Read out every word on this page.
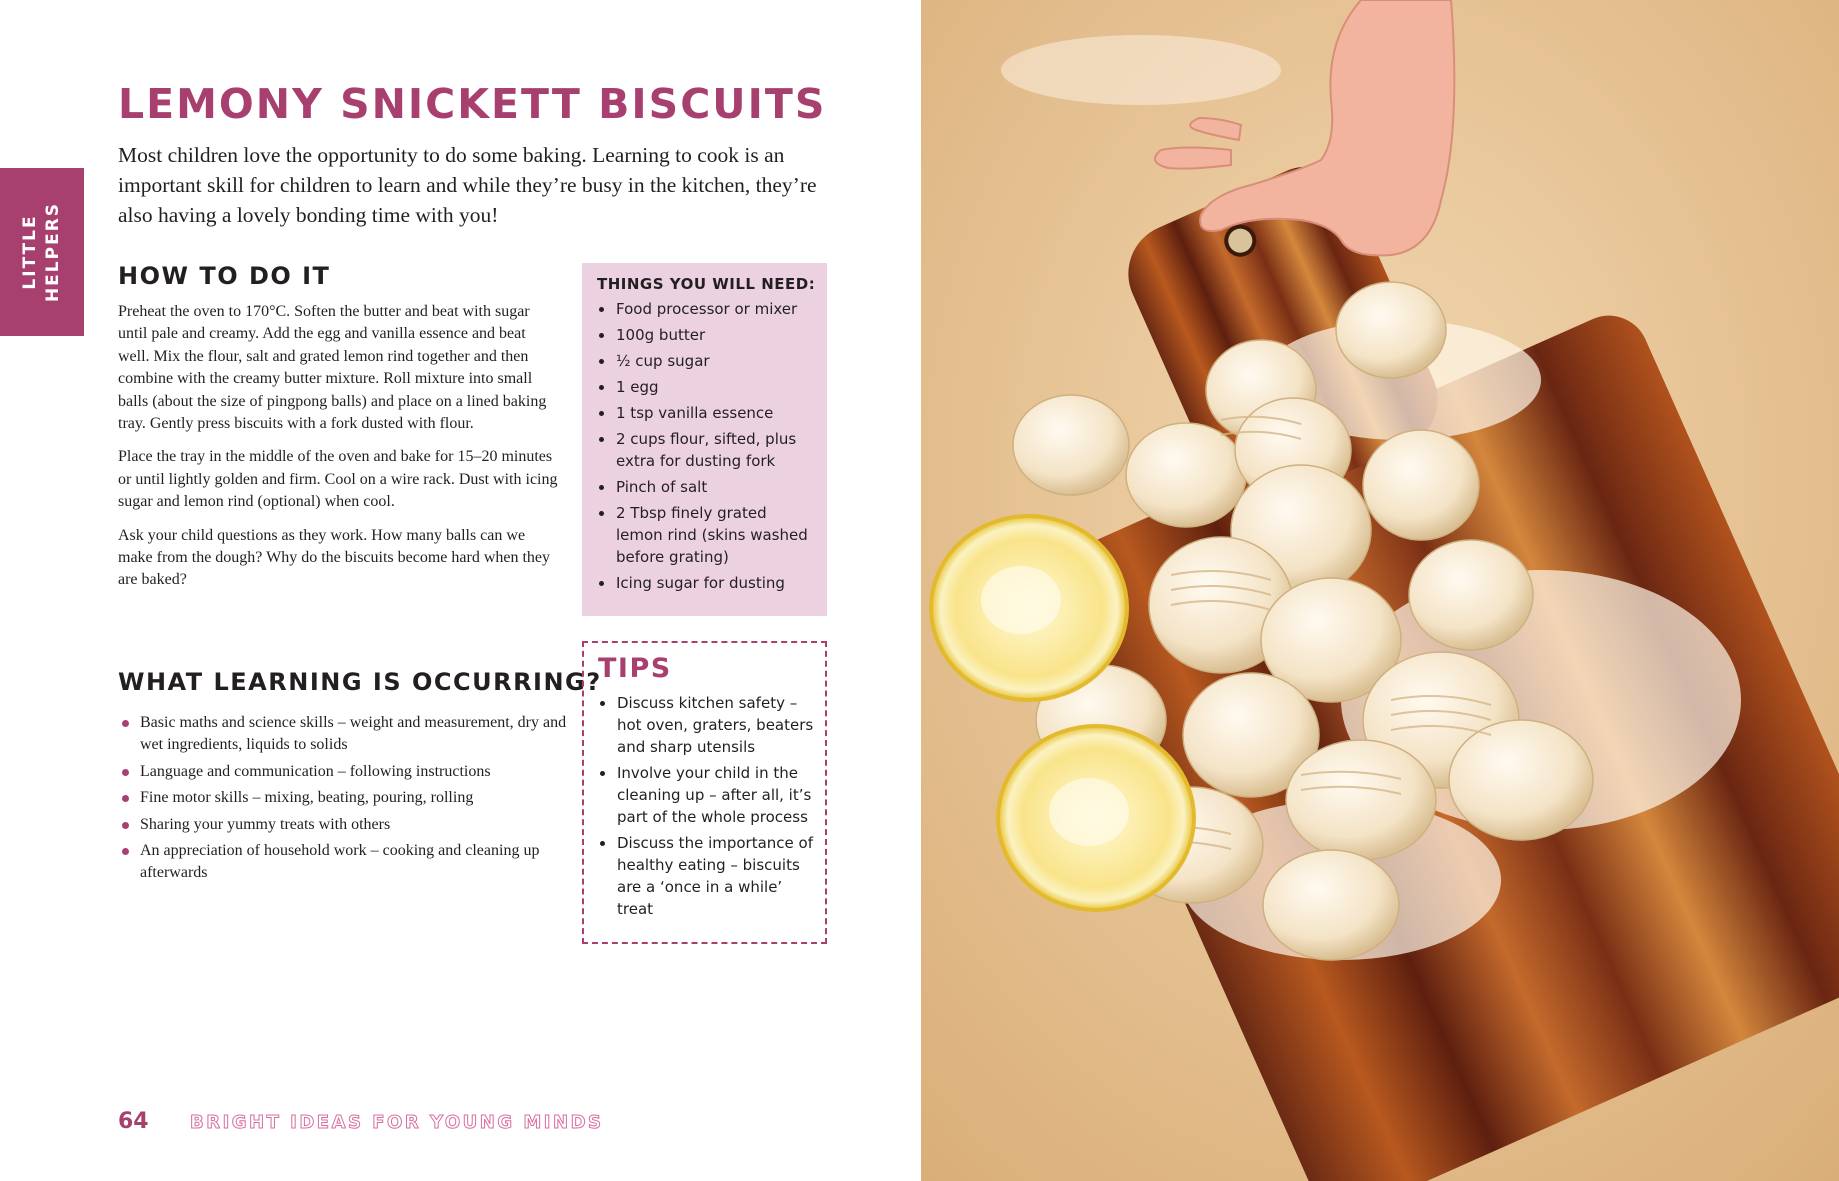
LITTLE HELPERS
LEMONY SNICKETT BISCUITS

Most children love the opportunity to do some baking. Learning to cook is an important skill for children to learn and while they’re busy in the kitchen, they’re also having a lovely bonding time with you!

HOW TO DO IT

Preheat the oven to 170°C. Soften the butter and beat with sugar until pale and creamy. Add the egg and vanilla essence and beat well. Mix the flour, salt and grated lemon rind together and then combine with the creamy butter mixture. Roll mixture into small balls (about the size of pingpong balls) and place on a lined baking tray. Gently press biscuits with a fork dusted with flour.

Place the tray in the middle of the oven and bake for 15–20 minutes or until lightly golden and firm. Cool on a wire rack. Dust with icing sugar and lemon rind (optional) when cool.

Ask your child questions as they work. How many balls can we make from the dough? Why do the biscuits become hard when they are baked?

WHAT LEARNING IS OCCURRING?
Basic maths and science skills – weight and measurement, dry and wet ingredients, liquids to solids
Language and communication – following instructions
Fine motor skills – mixing, beating, pouring, rolling
Sharing your yummy treats with others
An appreciation of household work – cooking and cleaning up afterwards
THINGS YOU WILL NEED:
Food processor or mixer
100g butter
½ cup sugar
1 egg
1 tsp vanilla essence
2 cups flour, sifted, plus extra for dusting fork
Pinch of salt
2 Tbsp finely grated lemon rind (skins washed before grating)
Icing sugar for dusting
TIPS
Discuss kitchen safety – hot oven, graters, beaters and sharp utensils
Involve your child in the cleaning up – after all, it’s part of the whole process
Discuss the importance of healthy eating – biscuits are a ‘once in a while’ treat
64 BRIGHT IDEAS FOR YOUNG MINDS
